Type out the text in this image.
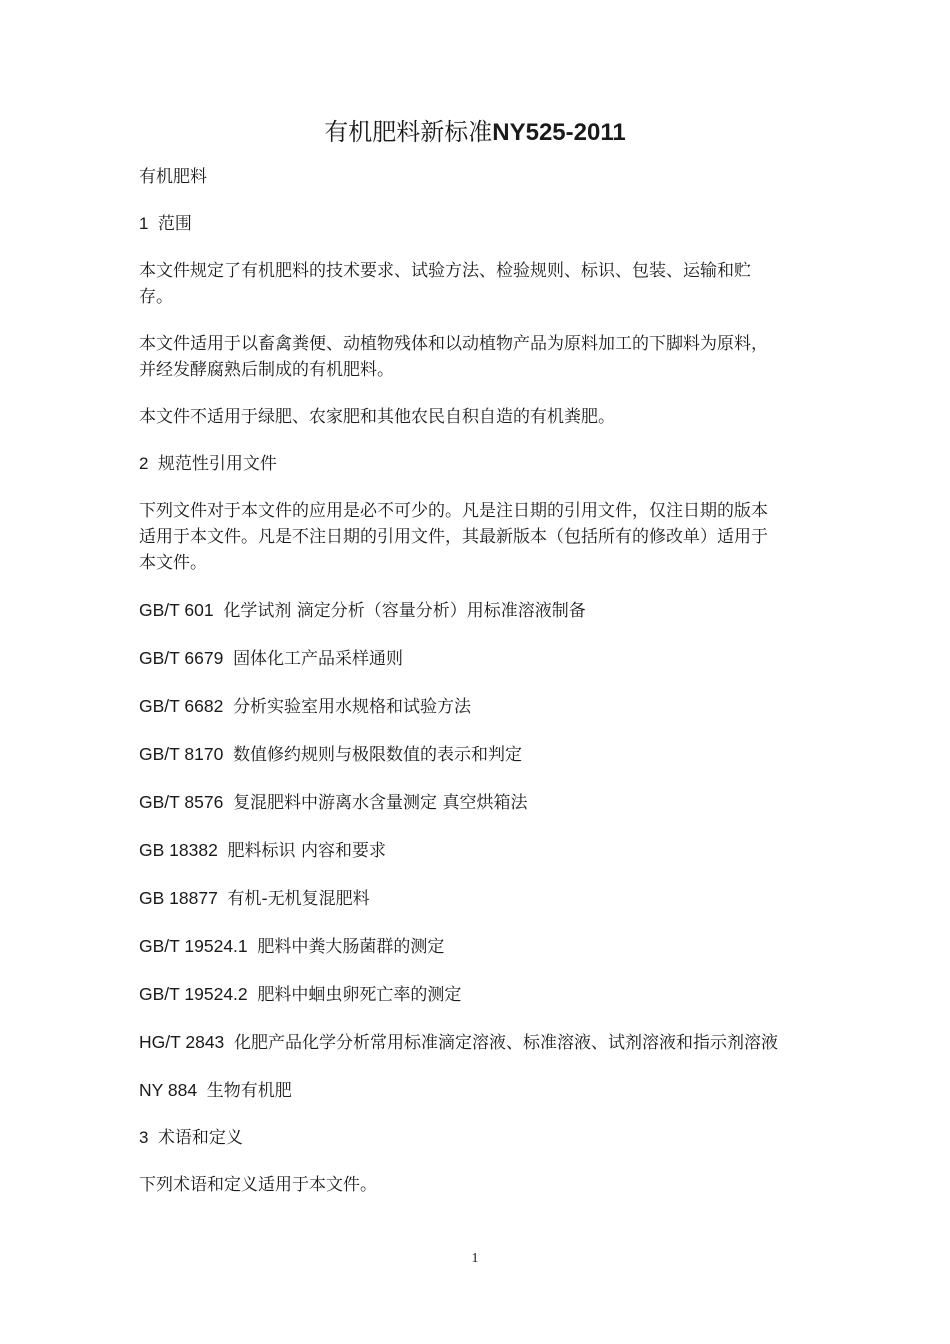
有机肥料新标准NY525-2011

有机肥料

1 范围

本文件规定了有机肥料的技术要求、试验方法、检验规则、标识、包装、运输和贮存。

本文件适用于以畜禽粪便、动植物残体和以动植物产品为原料加工的下脚料为原料，并经发酵腐熟后制成的有机肥料。

本文件不适用于绿肥、农家肥和其他农民自积自造的有机粪肥。

2 规范性引用文件

下列文件对于本文件的应用是必不可少的。凡是注日期的引用文件，仅注日期的版本适用于本文件。凡是不注日期的引用文件，其最新版本（包括所有的修改单）适用于本文件。

GB/T 601 化学试剂 滴定分析（容量分析）用标准溶液制备

GB/T 6679 固体化工产品采样通则

GB/T 6682 分析实验室用水规格和试验方法

GB/T 8170 数值修约规则与极限数值的表示和判定

GB/T 8576 复混肥料中游离水含量测定 真空烘箱法

GB 18382 肥料标识 内容和要求

GB 18877 有机-无机复混肥料

GB/T 19524.1 肥料中粪大肠菌群的测定

GB/T 19524.2 肥料中蛔虫卵死亡率的测定

HG/T 2843 化肥产品化学分析常用标准滴定溶液、标准溶液、试剂溶液和指示剂溶液

NY 884 生物有机肥

3 术语和定义

下列术语和定义适用于本文件。

1
